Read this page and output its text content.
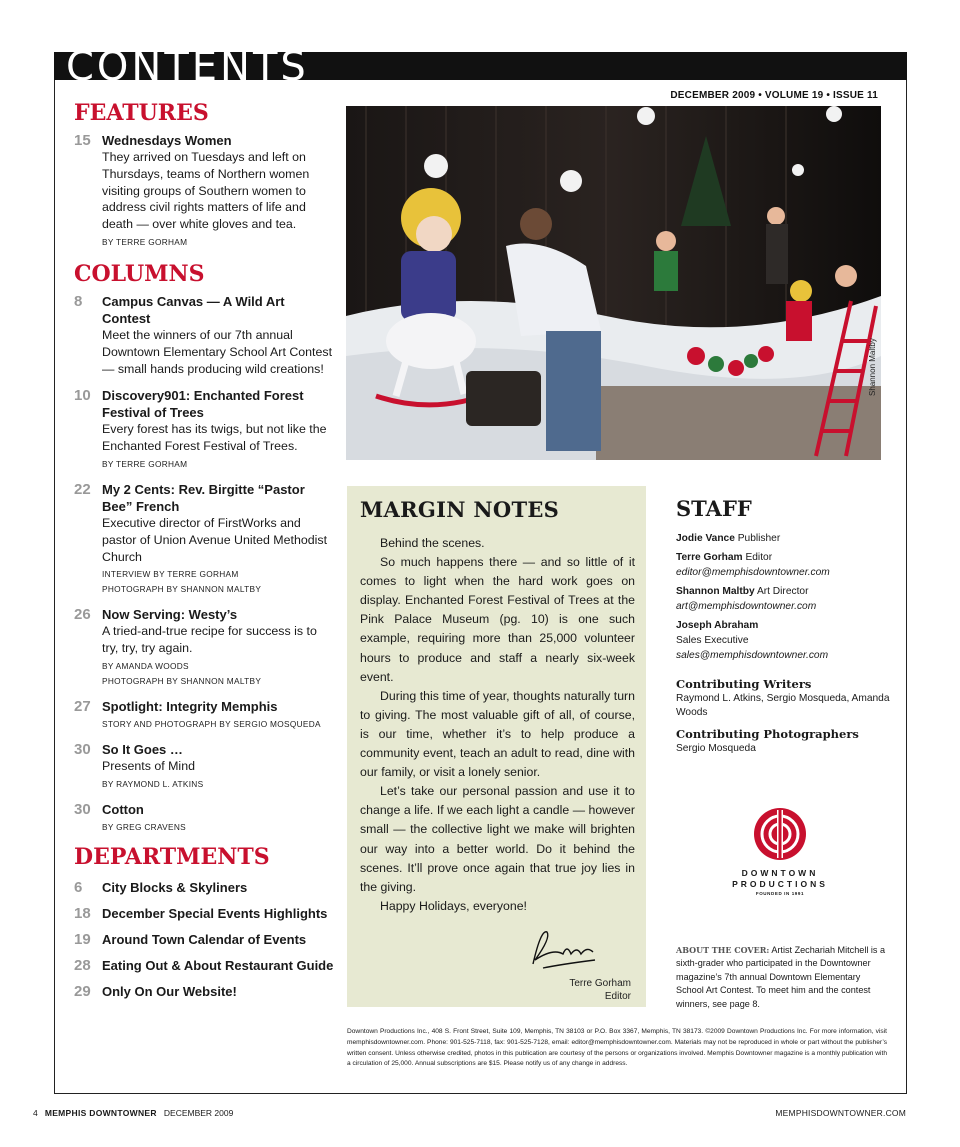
CONTENTS
DECEMBER 2009 • VOLUME 19 • ISSUE 11
FEATURES
15 Wednesdays Women
They arrived on Tuesdays and left on Thursdays, teams of Northern women visiting groups of Southern women to address civil rights matters of life and death — over white gloves and tea.
BY TERRE GORHAM
COLUMNS
8 Campus Canvas — A Wild Art Contest
Meet the winners of our 7th annual Downtown Elementary School Art Contest — small hands producing wild creations!
10 Discovery901: Enchanted Forest Festival of Trees
Every forest has its twigs, but not like the Enchanted Forest Festival of Trees.
BY TERRE GORHAM
22 My 2 Cents: Rev. Birgitte “Pastor Bee” French
Executive director of FirstWorks and pastor of Union Avenue United Methodist Church
INTERVIEW BY TERRE GORHAM
PHOTOGRAPH BY SHANNON MALTBY
26 Now Serving: Westy’s
A tried-and-true recipe for success is to try, try, try again.
BY AMANDA WOODS
PHOTOGRAPH BY SHANNON MALTBY
27 Spotlight: Integrity Memphis
STORY AND PHOTOGRAPH BY SERGIO MOSQUEDA
30 So It Goes …
Presents of Mind
BY RAYMOND L. ATKINS
30 Cotton
BY GREG CRAVENS
DEPARTMENTS
6 City Blocks & Skyliners
18 December Special Events Highlights
19 Around Town Calendar of Events
28 Eating Out & About Restaurant Guide
29 Only On Our Website!
Shannon Maltby
MARGIN NOTES

Behind the scenes.

So much happens there — and so little of it comes to light when the hard work goes on display. Enchanted Forest Festival of Trees at the Pink Palace Museum (pg. 10) is one such example, requiring more than 25,000 volunteer hours to produce and staff a nearly six-week event.

During this time of year, thoughts naturally turn to giving. The most valuable gift of all, of course, is our time, whether it’s to help produce a community event, teach an adult to read, dine with our family, or visit a lonely senior.

Let’s take our personal passion and use it to change a life. If we each light a candle — however small — the collective light we make will brighten our way into a better world. Do it behind the scenes. It’ll prove once again that true joy lies in the giving.

Happy Holidays, everyone!

Terre Gorham
Editor
STAFF
Jodie Vance Publisher
Terre Gorham Editor
editor@memphisdowntowner.com
Shannon Maltby Art Director
art@memphisdowntowner.com
Joseph Abraham
Sales Executive
sales@memphisdowntowner.com
Contributing Writers
Raymond L. Atkins, Sergio Mosqueda, Amanda Woods
Contributing Photographers
Sergio Mosqueda
DOWNTOWN
PRODUCTIONS
FOUNDED IN 1991
ABOUT THE COVER: Artist Zechariah Mitchell is a sixth-grader who participated in the Downtowner magazine’s 7th annual Downtown Elementary School Art Contest. To meet him and the contest winners, see page 8.
Downtown Productions Inc., 408 S. Front Street, Suite 109, Memphis, TN 38103 or P.O. Box 3367, Memphis, TN 38173. ©2009 Downtown Productions Inc. For more information, visit memphisdowntowner.com. Phone: 901-525-7118, fax: 901-525-7128, email: editor@memphisdowntowner.com. Materials may not be reproduced in whole or part without the publisher’s written consent. Unless otherwise credited, photos in this publication are courtesy of the persons or organizations involved. Memphis Downtowner magazine is a monthly publication with a circulation of 25,000. Annual subscriptions are $15. Please notify us of any change in address.
4 MEMPHIS DOWNTOWNER DECEMBER 2009	MEMPHISDOWNTOWNER.COM
